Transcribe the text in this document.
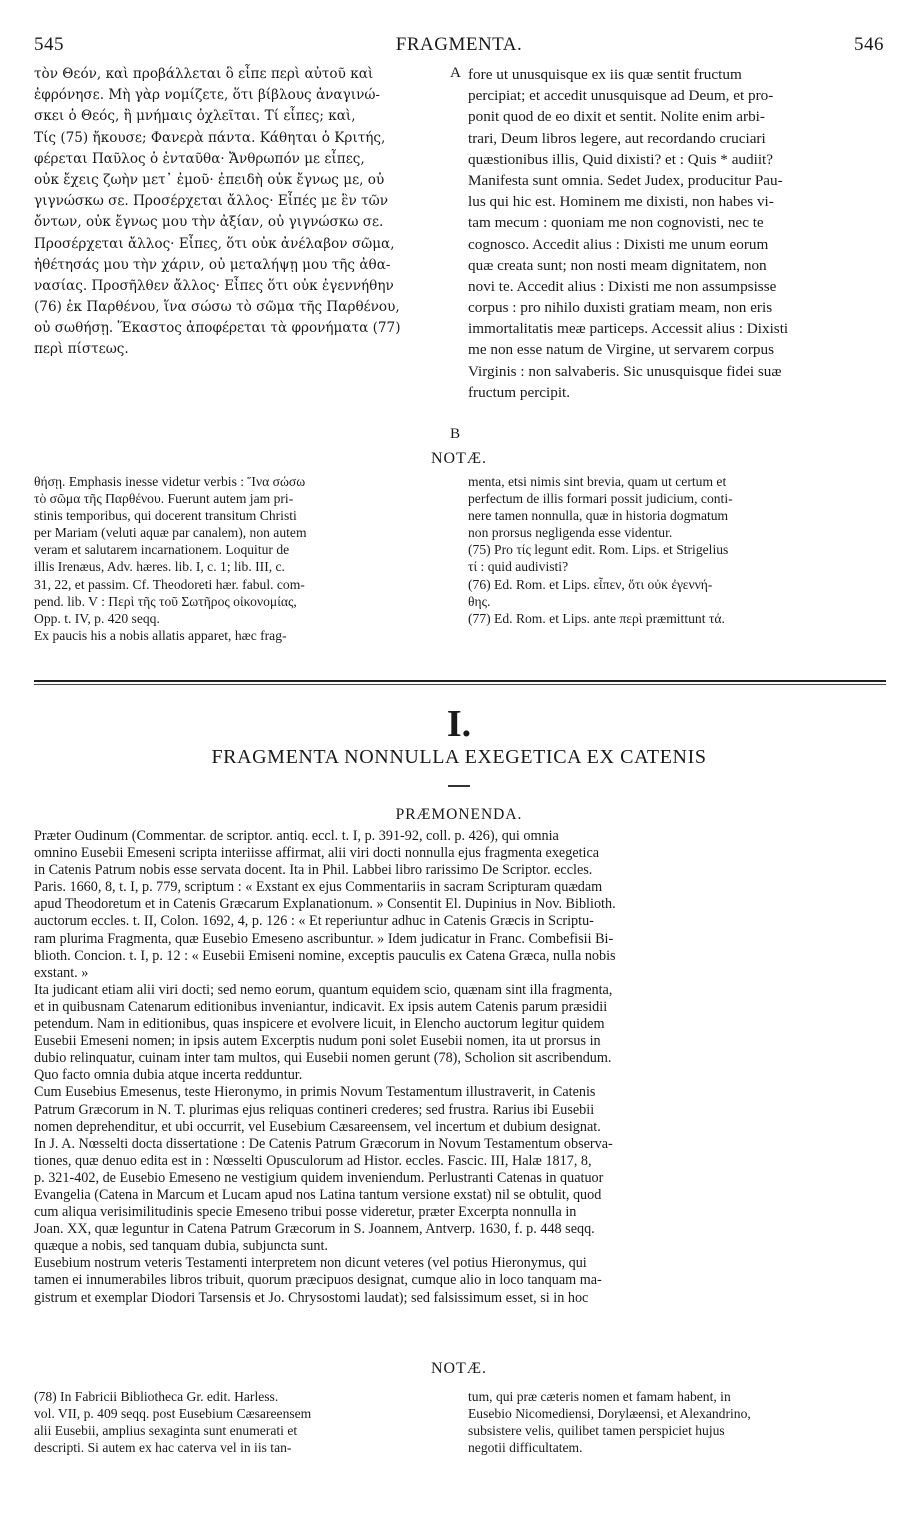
545	FRAGMENTA.	546
τὸν Θεόν, καὶ προβάλλεται ὃ εἶπε περὶ αὐτοῦ καὶ
ἐφρόνησε. Μὴ γὰρ νομίζετε, ὅτι βίβλους ἀναγινώ-
σκει ὁ Θεός, ἢ μνήμαις ὀχλεῖται. Τί εἶπες; καὶ,
Τίς (75) ἤκουσε; Φανερὰ πάντα. Κάθηται ὁ Κριτής,
φέρεται Παῦλος ὁ ἐνταῦθα· Ἄνθρωπόν με εἶπες,
οὐκ ἔχεις ζωὴν μετ᾽ ἐμοῦ· ἐπειδὴ οὐκ ἔγνως με, οὐ
γιγνώσκω σε. Προσέρχεται ἄλλος· Εἶπές με ἓν τῶν
ὄντων, οὐκ ἔγνως μου τὴν ἀξίαν, οὐ γιγνώσκω σε.
Προσέρχεται ἄλλος· Εἶπες, ὅτι οὐκ ἀνέλαβον σῶμα,
ἠθέτησάς μου τὴν χάριν, οὐ μεταλήψῃ μου τῆς ἀθα-
νασίας. Προσῆλθεν ἄλλος· Εἶπες ὅτι οὐκ ἐγεννήθην
(76) ἐκ Παρθένου, ἵνα σώσω τὸ σῶμα τῆς Παρθένου,
οὐ σωθήσῃ. Ἕκαστος ἀποφέρεται τὰ φρονήματα (77)
περὶ πίστεως.
A
B
fore ut unusquisque ex iis quæ sentit fructum
percipiat; et accedit unusquisque ad Deum, et pro-
ponit quod de eo dixit et sentit. Nolite enim arbi-
trari, Deum libros legere, aut recordando cruciari
quæstionibus illis, Quid dixisti? et : Quis * audiit?
Manifesta sunt omnia. Sedet Judex, producitur Pau-
lus qui hic est. Hominem me dixisti, non habes vi-
tam mecum : quoniam me non cognovisti, nec te
cognosco. Accedit alius : Dixisti me unum eorum
quæ creata sunt; non nosti meam dignitatem, non
novi te. Accedit alius : Dixisti me non assumpsisse
corpus : pro nihilo duxisti gratiam meam, non eris
immortalitatis meæ particeps. Accessit alius : Dixisti
me non esse natum de Virgine, ut servarem corpus
Virginis : non salvaberis. Sic unusquisque fidei suæ
fructum percipit.
NOTÆ.
θήσῃ. Emphasis inesse videtur verbis : Ἵνα σώσω
τὸ σῶμα τῆς Παρθένου. Fuerunt autem jam pri-
stinis temporibus, qui docerent transitum Christi
per Mariam (veluti aquæ par canalem), non autem
veram et salutarem incarnationem. Loquitur de
illis Irenæus, Adv. hæres. lib. I, c. 1; lib. III, c.
31, 22, et passim. Cf. Theodoreti hær. fabul. com-
pend. lib. V : Περὶ τῆς τοῦ Σωτῆρος οἰκονομίας,
Opp. t. IV, p. 420 seqq.
Ex paucis his a nobis allatis apparet, hæc frag-
menta, etsi nimis sint brevia, quam ut certum et
perfectum de illis formari possit judicium, conti-
nere tamen nonnulla, quæ in historia dogmatum
non prorsus negligenda esse videntur.
(75) Pro τίς legunt edit. Rom. Lips. et Strigelius
τί : quid audivisti?
(76) Ed. Rom. et Lips. εἶπεν, ὅτι οὐκ ἐγεννή-
θης.
(77) Ed. Rom. et Lips. ante περὶ præmittunt τά.
I.
FRAGMENTA NONNULLA EXEGETICA EX CATENIS
PRÆMONENDA.
Præter Oudinum (Commentar. de scriptor. antiq. eccl. t. I, p. 391-92, coll. p. 426), qui omnia
omnino Eusebii Emeseni scripta interiisse affirmat, alii viri docti nonnulla ejus fragmenta exegetica
in Catenis Patrum nobis esse servata docent. Ita in Phil. Labbei libro rarissimo De Scriptor. eccles.
Paris. 1660, 8, t. I, p. 779, scriptum : « Exstant ex ejus Commentariis in sacram Scripturam quædam
apud Theodoretum et in Catenis Græcarum Explanationum. » Consentit El. Dupinius in Nov. Biblioth.
auctorum eccles. t. II, Colon. 1692, 4, p. 126 : « Et reperiuntur adhuc in Catenis Græcis in Scriptu-
ram plurima Fragmenta, quæ Eusebio Emeseno ascribuntur. » Idem judicatur in Franc. Combefisii Bi-
blioth. Concion. t. I, p. 12 : « Eusebii Emiseni nomine, exceptis pauculis ex Catena Græca, nulla nobis
exstant. »
Ita judicant etiam alii viri docti; sed nemo eorum, quantum equidem scio, quænam sint illa fragmenta,
et in quibusnam Catenarum editionibus inveniantur, indicavit. Ex ipsis autem Catenis parum præsidii
petendum. Nam in editionibus, quas inspicere et evolvere licuit, in Elencho auctorum legitur quidem
Eusebii Emeseni nomen; in ipsis autem Excerptis nudum poni solet Eusebii nomen, ita ut prorsus in
dubio relinquatur, cuinam inter tam multos, qui Eusebii nomen gerunt (78), Scholion sit ascribendum.
Quo facto omnia dubia atque incerta redduntur.
Cum Eusebius Emesenus, teste Hieronymo, in primis Novum Testamentum illustraverit, in Catenis
Patrum Græcorum in N. T. plurimas ejus reliquas contineri crederes; sed frustra. Rarius ibi Eusebii
nomen deprehenditur, et ubi occurrit, vel Eusebium Cæsareensem, vel incertum et dubium designat.
In J. A. Nœsselti docta dissertatione : De Catenis Patrum Græcorum in Novum Testamentum observa-
tiones, quæ denuo edita est in : Nœsselti Opusculorum ad Histor. eccles. Fascic. III, Halæ 1817, 8,
p. 321-402, de Eusebio Emeseno ne vestigium quidem inveniendum. Perlustranti Catenas in quatuor
Evangelia (Catena in Marcum et Lucam apud nos Latina tantum versione exstat) nil se obtulit, quod
cum aliqua verisimilitudinis specie Emeseno tribui posse videretur, præter Excerpta nonnulla in
Joan. XX, quæ leguntur in Catena Patrum Græcorum in S. Joannem, Antverp. 1630, f. p. 448 seqq.
quæque a nobis, sed tanquam dubia, subjuncta sunt.
Eusebium nostrum veteris Testamenti interpretem non dicunt veteres (vel potius Hieronymus, qui
tamen ei innumerabiles libros tribuit, quorum præcipuos designat, cumque alio in loco tanquam ma-
gistrum et exemplar Diodori Tarsensis et Jo. Chrysostomi laudat); sed falsissimum esset, si in hoc
NOTÆ.
(78) In Fabricii Bibliotheca Gr. edit. Harless.
vol. VII, p. 409 seqq. post Eusebium Cæsareensem
alii Eusebii, amplius sexaginta sunt enumerati et
descripti. Si autem ex hac caterva vel in iis tan-
tum, qui præ cæteris nomen et famam habent, in
Eusebio Nicomediensi, Dorylæensi, et Alexandrino,
subsistere velis, quilibet tamen perspiciet hujus
negotii difficultatem.
